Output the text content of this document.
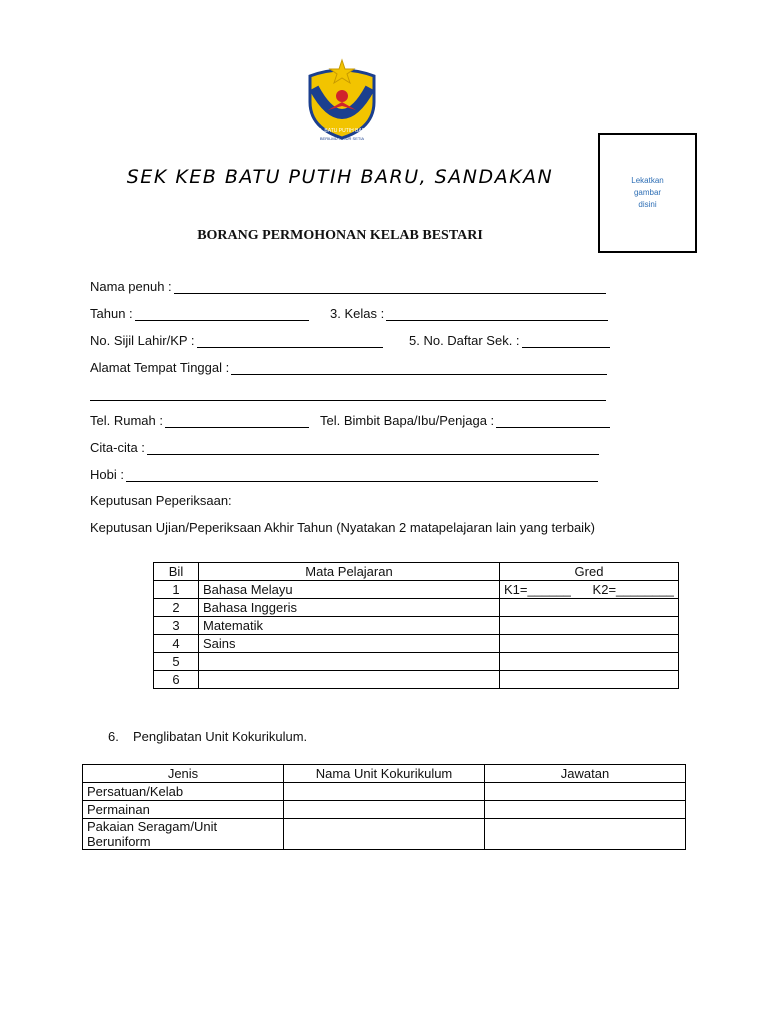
SK. BATU PUTIH BARU
BERILMU JUJUR SETIA
SEK KEB BATU PUTIH BARU, SANDAKAN
BORANG PERMOHONAN KELAB BESTARI
Lekatkan
gambar
disini
Nama penuh :
Tahun :	3. Kelas :
No. Sijil Lahir/KP :	5. No. Daftar Sek. :
Alamat Tempat Tinggal :
Tel. Rumah :	Tel. Bimbit Bapa/Ibu/Penjaga :
Cita-cita :
Hobi :
Keputusan Peperiksaan:
Keputusan Ujian/Peperiksaan Akhir Tahun (Nyatakan 2 matapelajaran lain yang terbaik)
Bil	Mata Pelajaran	Gred
1	Bahasa Melayu	K1=______      K2=________
2	Bahasa Inggeris	
3	Matematik	
4	Sains	
5		
6		
6. Penglibatan Unit Kokurikulum.
Jenis	Nama Unit Kokurikulum	Jawatan
Persatuan/Kelab		
Permainan		
Pakaian Seragam/Unit Beruniform		
